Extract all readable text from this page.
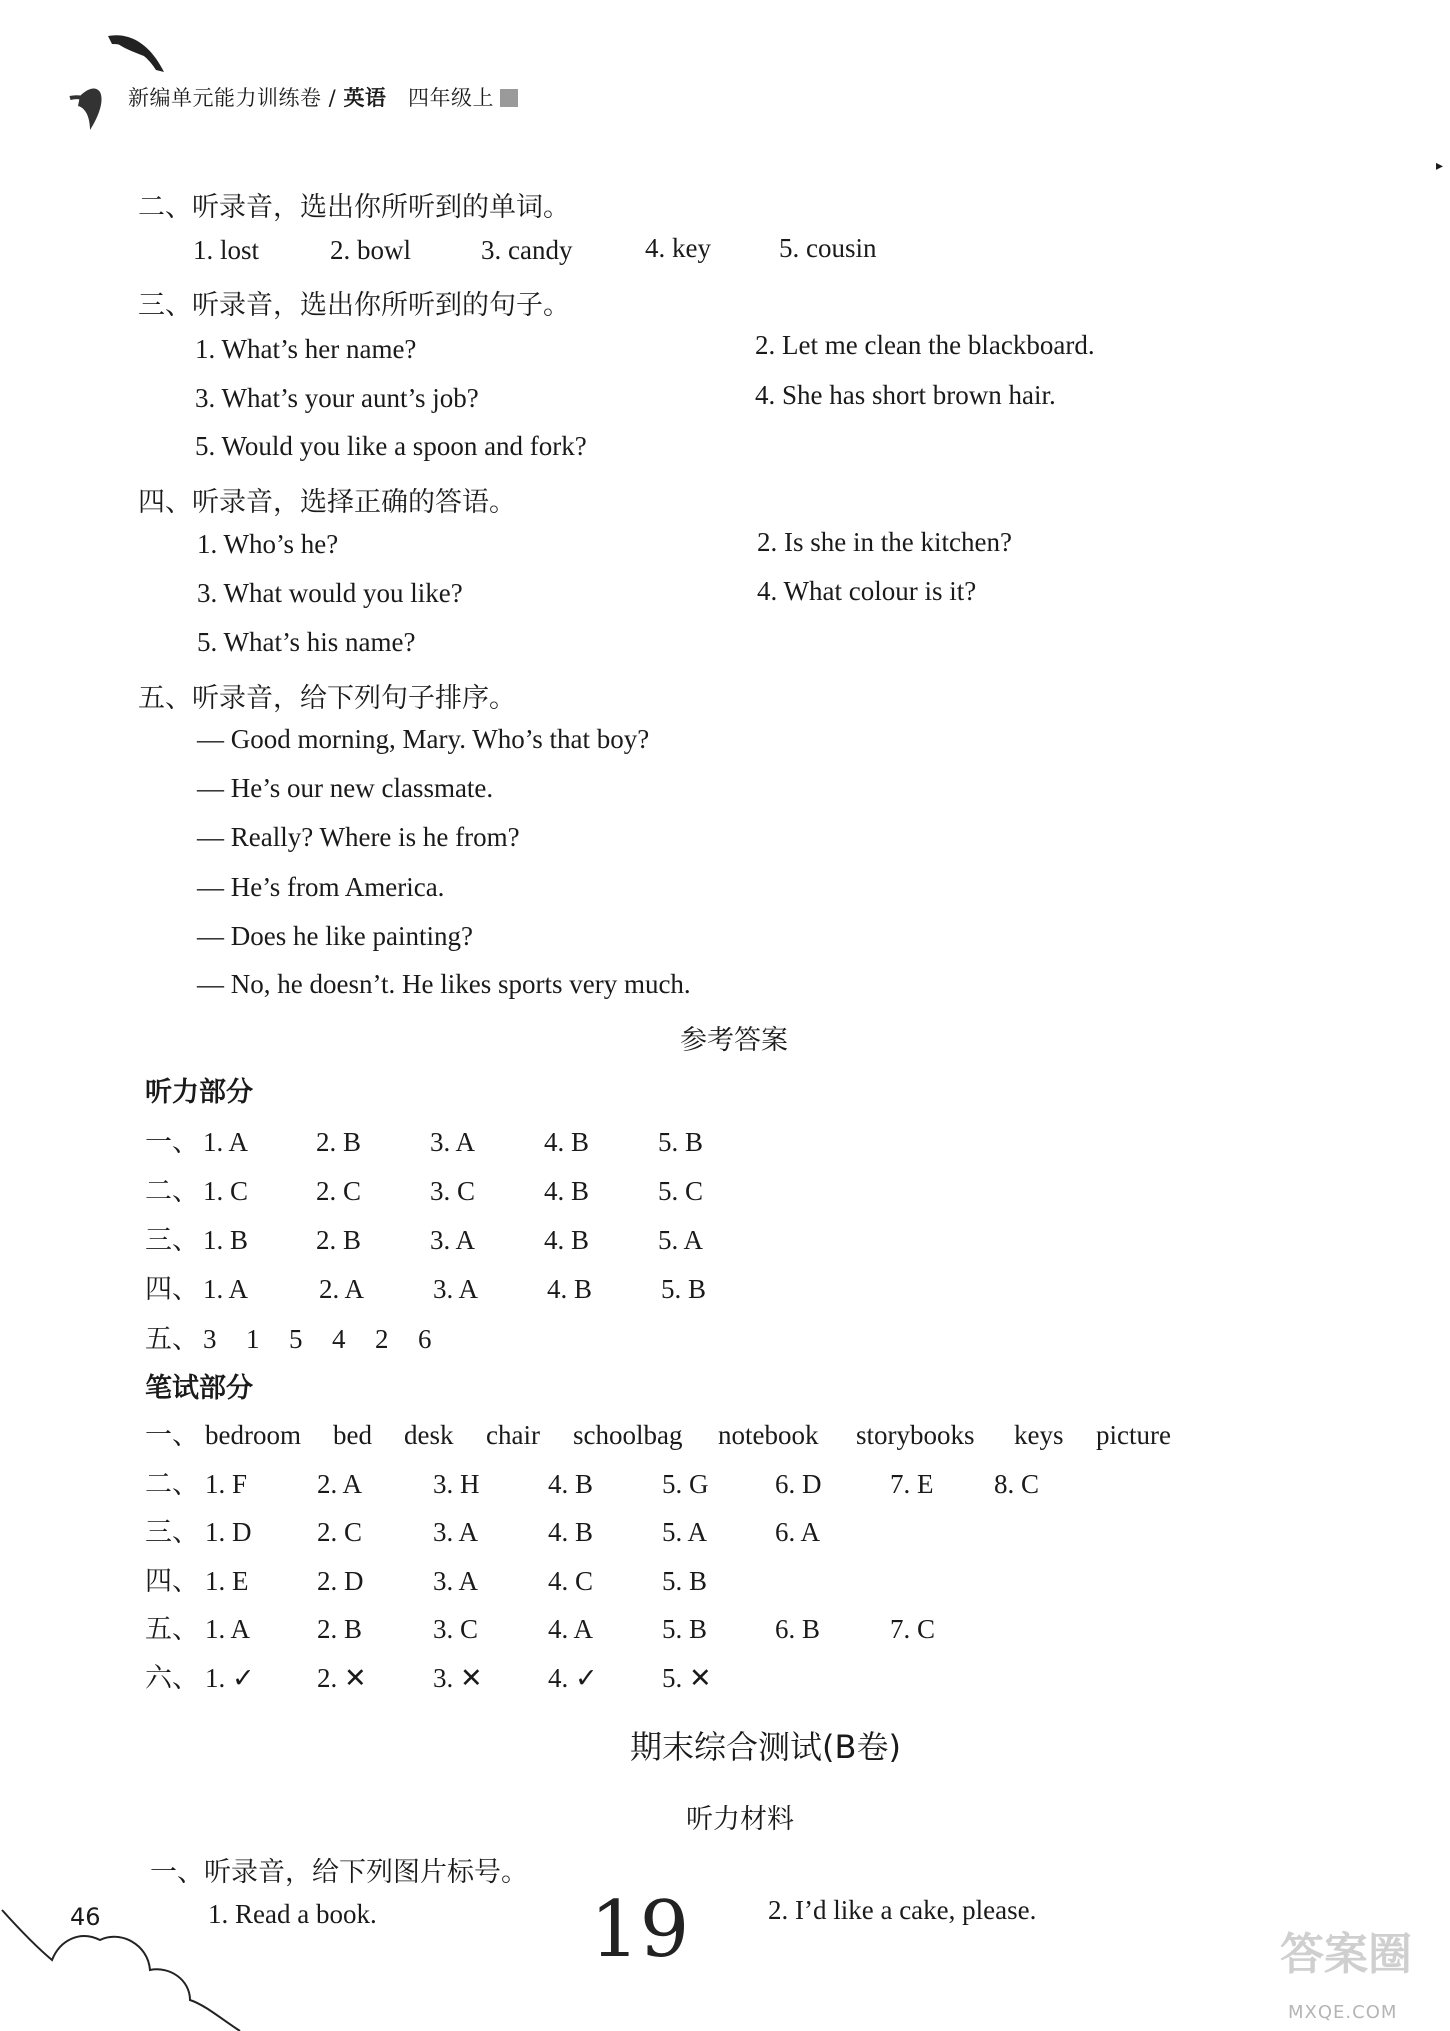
新编单元能力训练卷 / 英语 四年级上
▸
二、听录音，选出你所听到的单词。
1. lost	2. bowl	3. candy	4. key	5. cousin
三、听录音，选出你所听到的句子。
1. What’s her name?	2. Let me clean the blackboard.
3. What’s your aunt’s job?	4. She has short brown hair.
5. Would you like a spoon and fork?
四、听录音，选择正确的答语。
1. Who’s he?	2. Is she in the kitchen?
3. What would you like?	4. What colour is it?
5. What’s his name?
五、听录音，给下列句子排序。
— Good morning, Mary. Who’s that boy?
— He’s our new classmate.
— Really? Where is he from?
— He’s from America.
— Does he like painting?
— No, he doesn’t. He likes sports very much.
参考答案
听力部分
一、 1. A	2. B	3. A	4. B	5. B
二、 1. C	2. C	3. C	4. B	5. C
三、 1. B	2. B	3. A	4. B	5. A
四、 1. A	2. A	3. A	4. B	5. B
五、 3 1 5 4 2 6
笔试部分
一、 bedroom bed desk chair schoolbag notebook storybooks keys picture
二、 1. F	2. A	3. H	4. B	5. G 6. D	7. E 8. C
三、 1. D 2. C	3. A	4. B	5. A	6. A
四、 1. E	2. D	3. A	4. C	5. B
五、 1. A 2. B	3. C	4. A	5. B	6. B	7. C
六、 1. ✓ 2. ✕ 3. ✕ 4. ✓ 5. ✕
期末综合测试(B卷)
听力材料
一、听录音，给下列图片标号。
1. Read a book.	2. I’d like a cake, please.
46	19	答案圈
MXQE.COM
